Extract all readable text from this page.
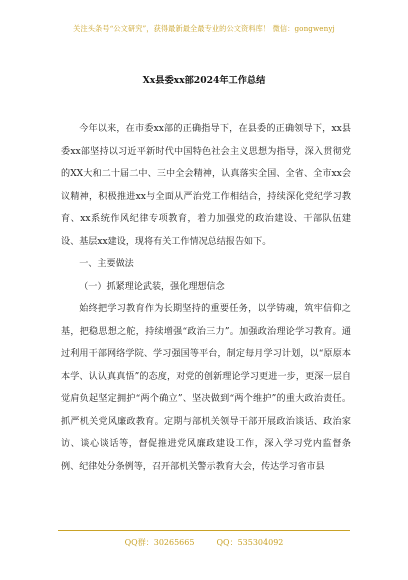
关注头条号“公文研究”，获得最新最全最专业的公文资料库！ 微信：gongwenyj
Xx县委xx部2024年工作总结

今年以来，在市委xx部的正确指导下，在县委的正确领导下，xx县委xx部坚持以习近平新时代中国特色社会主义思想为指导，深入贯彻党的XX大和二十届二中、三中全会精神，认真落实全国、全省、全市xx会议精神，积极推进xx与全面从严治党工作相结合，持续深化党纪学习教育、xx系统作风纪律专项教育，着力加强党的政治建设、干部队伍建设、基层xx建设，现将有关工作情况总结报告如下。

一、主要做法

（一）抓紧理论武装，强化理想信念

始终把学习教育作为长期坚持的重要任务，以学铸魂，筑牢信仰之基，把稳思想之舵，持续增强“政治三力”。加强政治理论学习教育。通过利用干部网络学院、学习强国等平台，制定每月学习计划，以“原原本本学、认认真真悟”的态度，对党的创新理论学习更进一步，更深一层自觉肩负起坚定拥护“两个确立”、坚决做到“两个维护”的重大政治责任。抓严机关党风廉政教育。定期与部机关领导干部开展政治谈话、政治家访、谈心谈话等，督促推进党风廉政建设工作，深入学习党内监督条例、纪律处分条例等，召开部机关警示教育大会，传达学习省市县

QQ群：30265665	QQ：535304092
